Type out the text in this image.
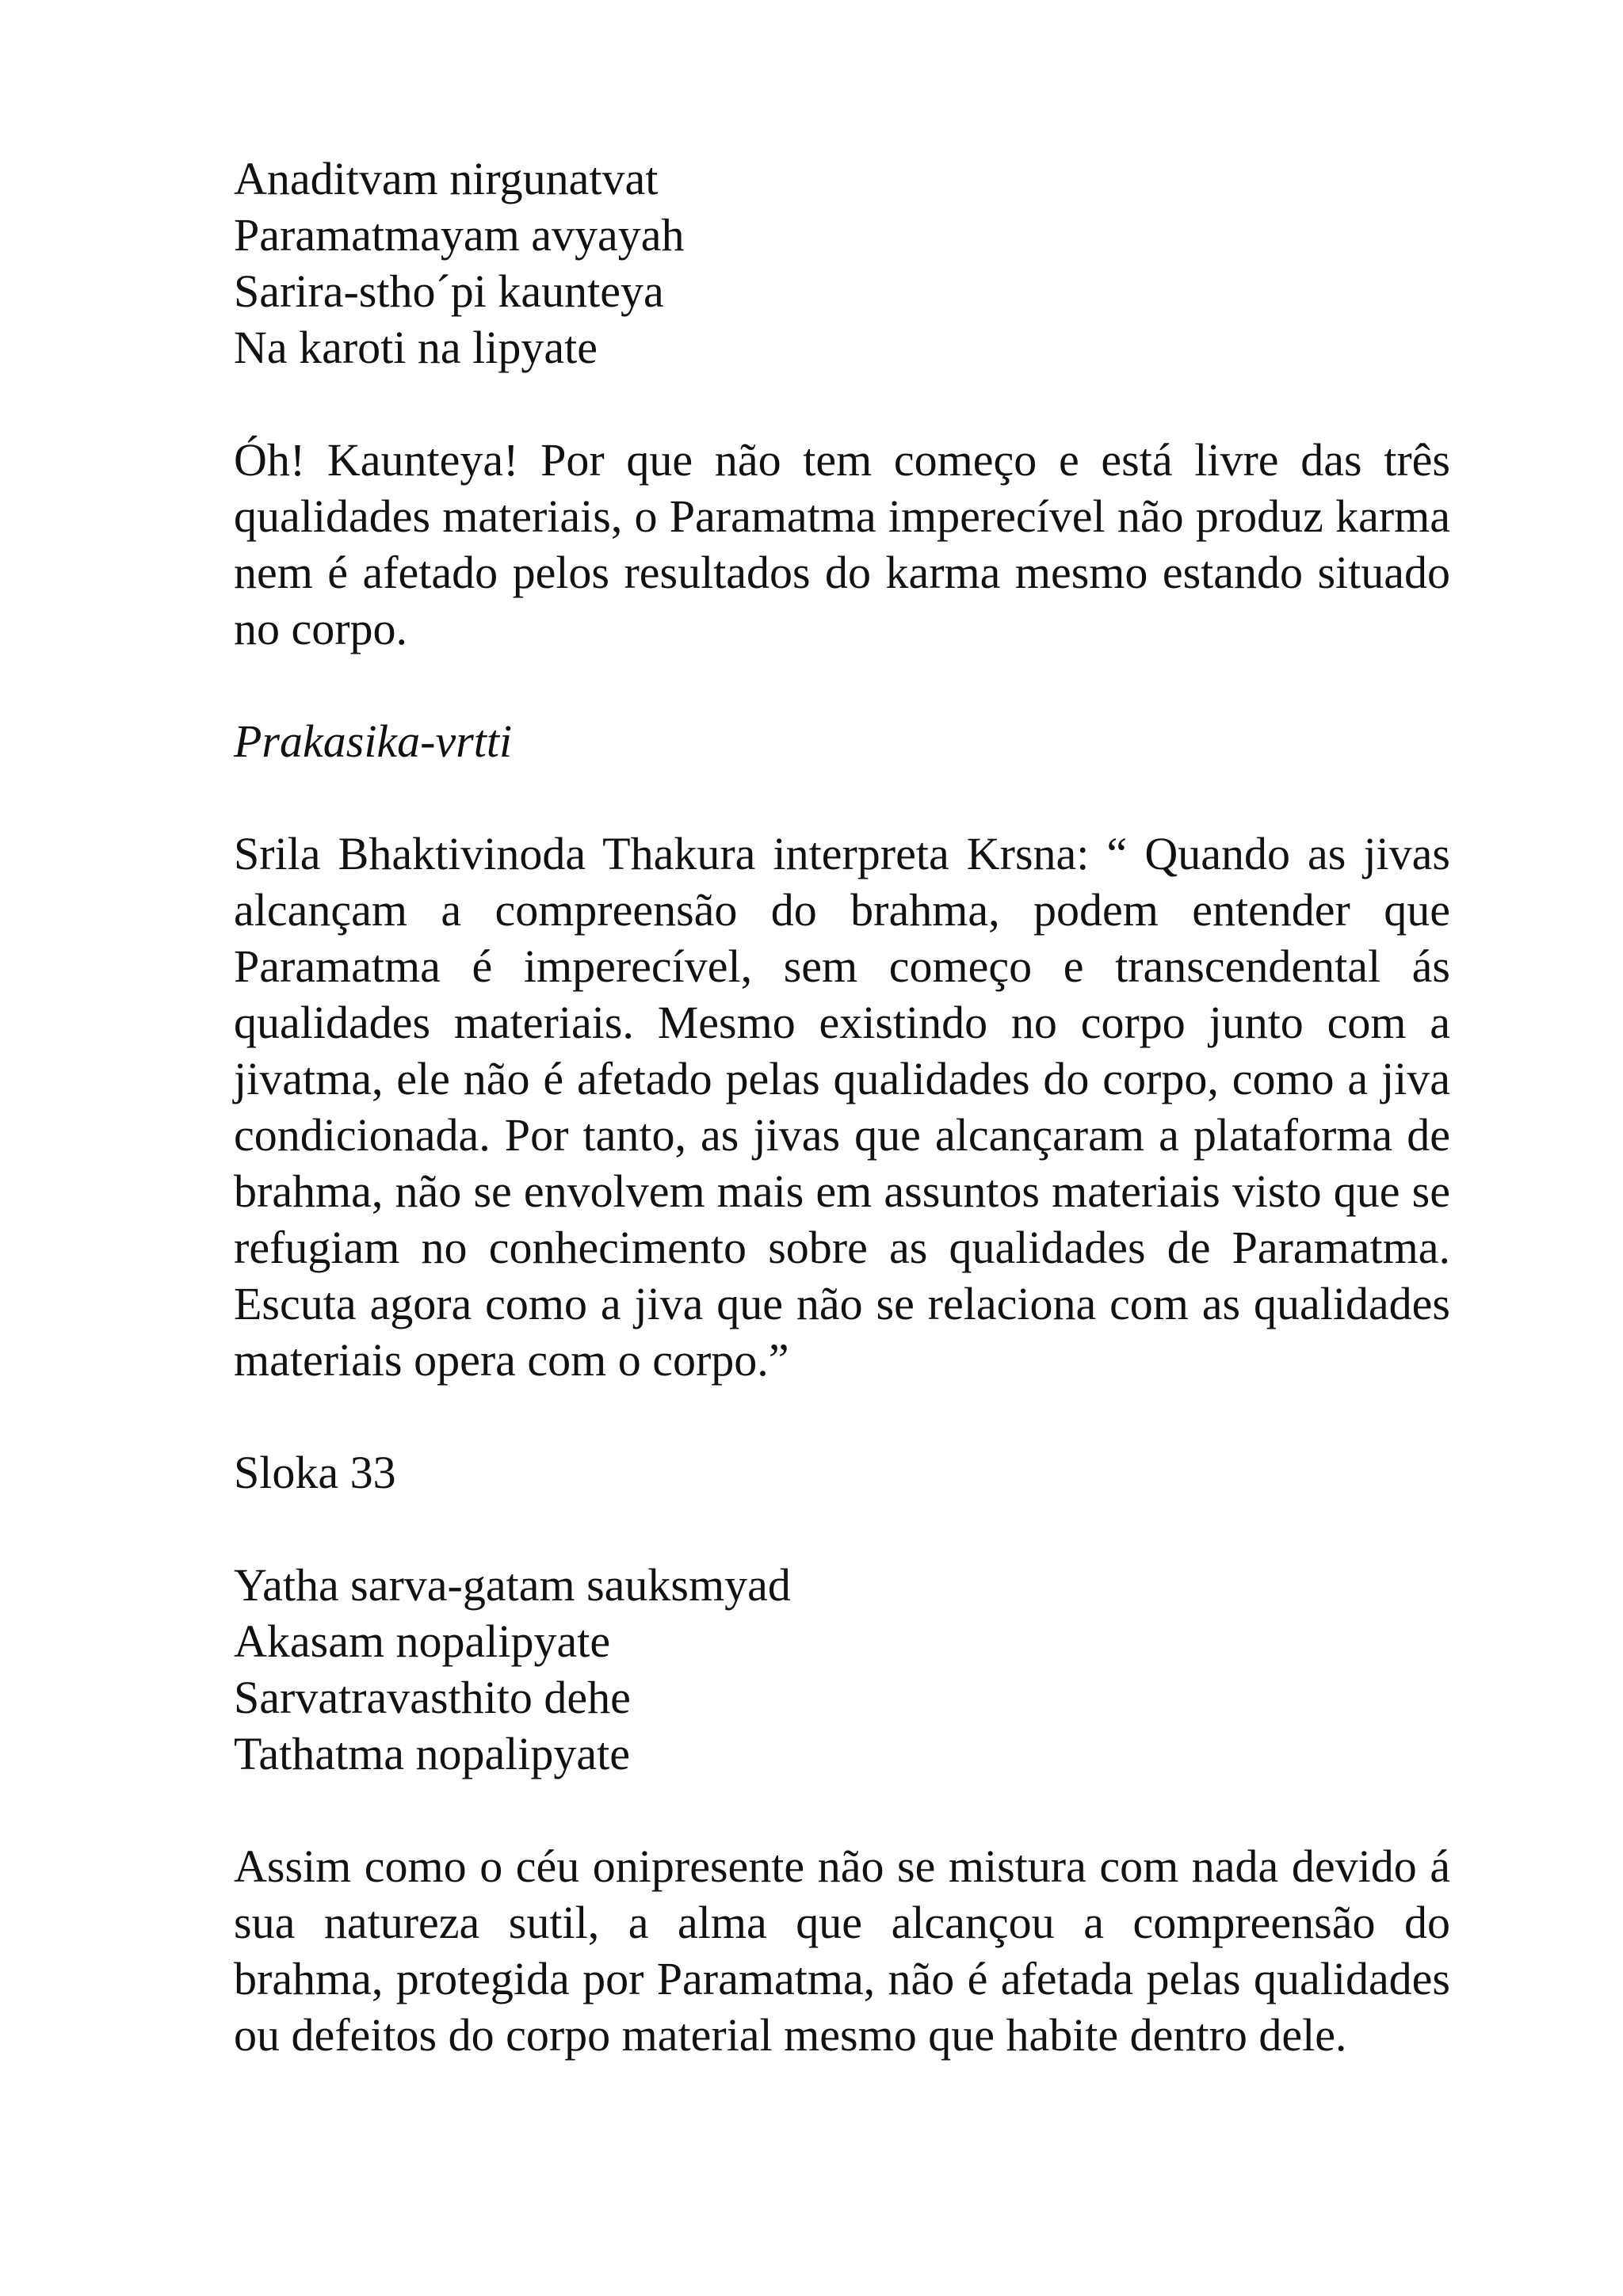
Anaditvam nirgunatvat
Paramatmayam avyayah
Sarira-stho´pi kaunteya
Na karoti na lipyate

Óh! Kaunteya! Por que não tem começo e está livre das três qualidades materiais, o Paramatma imperecível não produz karma nem é afetado pelos resultados do karma mesmo estando situado no corpo.

Prakasika-vrtti

Srila Bhaktivinoda Thakura interpreta Krsna: “ Quando as jivas alcançam a compreensão do brahma, podem entender que Paramatma é imperecível, sem começo e transcendental ás qualidades materiais. Mesmo existindo no corpo junto com a jivatma, ele não é afetado pelas qualidades do corpo, como a jiva condicionada. Por tanto, as jivas que alcançaram a plataforma de brahma, não se envolvem mais em assuntos materiais visto que se refugiam no conhecimento sobre as qualidades de Paramatma. Escuta agora como a jiva que não se relaciona com as qualidades materiais opera com o corpo.”

Sloka 33

Yatha sarva-gatam sauksmyad
Akasam nopalipyate
Sarvatravasthito dehe
Tathatma nopalipyate

Assim como o céu onipresente não se mistura com nada devido á sua natureza sutil, a alma que alcançou a compreensão do brahma, protegida por Paramatma, não é afetada pelas qualidades ou defeitos do corpo material mesmo que habite dentro dele.
